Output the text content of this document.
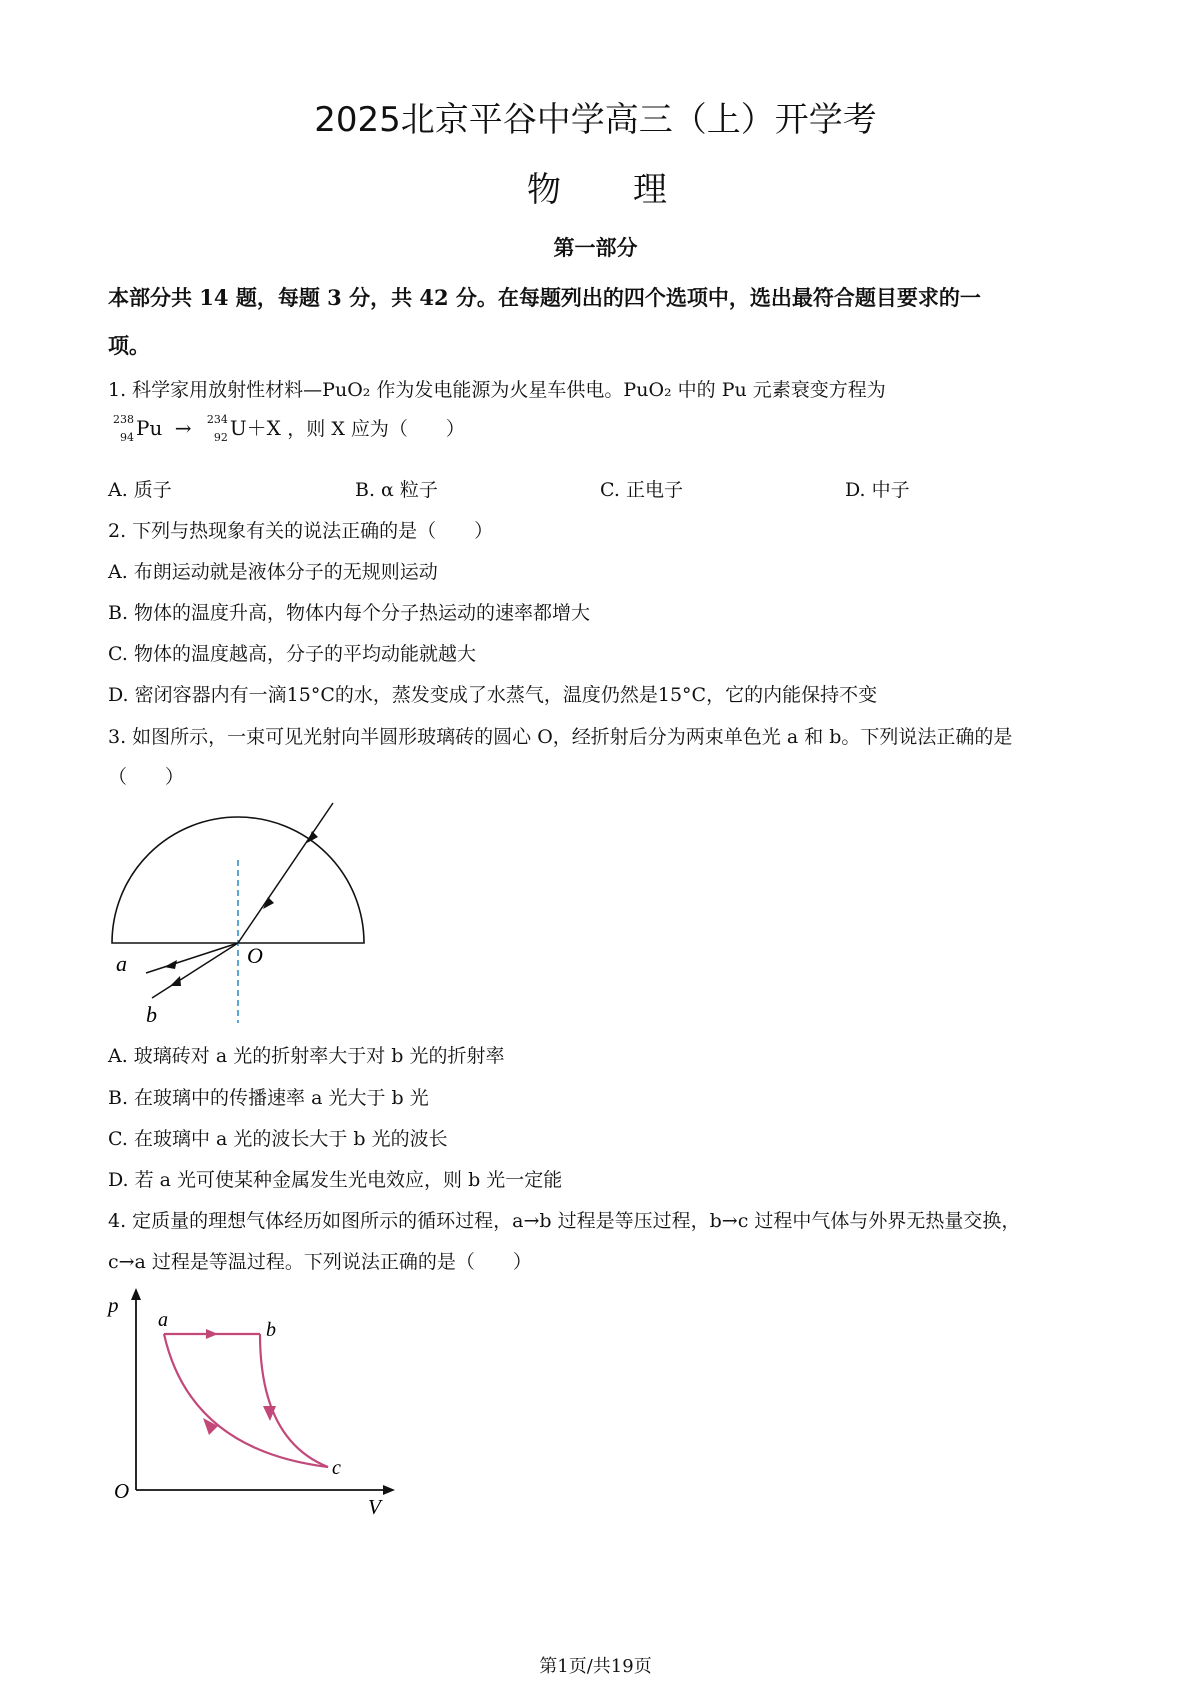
2025北京平谷中学高三（上）开学考
物 理
第一部分
本部分共 14 题，每题 3 分，共 42 分。在每题列出的四个选项中，选出最符合题目要求的一
项。
1. 科学家用放射性材料—PuO₂ 作为发电能源为火星车供电。PuO₂ 中的 Pu 元素衰变方程为
238
94 Pu → 234
92 U＋X ，则 X 应为（　　）
A. 质子	B. α 粒子	C. 正电子	D. 中子
2. 下列与热现象有关的说法正确的是（　　）
A. 布朗运动就是液体分子的无规则运动
B. 物体的温度升高，物体内每个分子热运动的速率都增大
C. 物体的温度越高，分子的平均动能就越大
D. 密闭容器内有一滴15°C的水，蒸发变成了水蒸气，温度仍然是15°C，它的内能保持不变
3. 如图所示，一束可见光射向半圆形玻璃砖的圆心 O，经折射后分为两束单色光 a 和 b。下列说法正确的是
（　　）
a
b
O
A. 玻璃砖对 a 光的折射率大于对 b 光的折射率
B. 在玻璃中的传播速率 a 光大于 b 光
C. 在玻璃中 a 光的波长大于 b 光的波长
D. 若 a 光可使某种金属发生光电效应，则 b 光一定能
4. 定质量的理想气体经历如图所示的循环过程，a→b 过程是等压过程，b→c 过程中气体与外界无热量交换，
c→a 过程是等温过程。下列说法正确的是（　　）
p
V
O
a	b
c
第1页/共19页
